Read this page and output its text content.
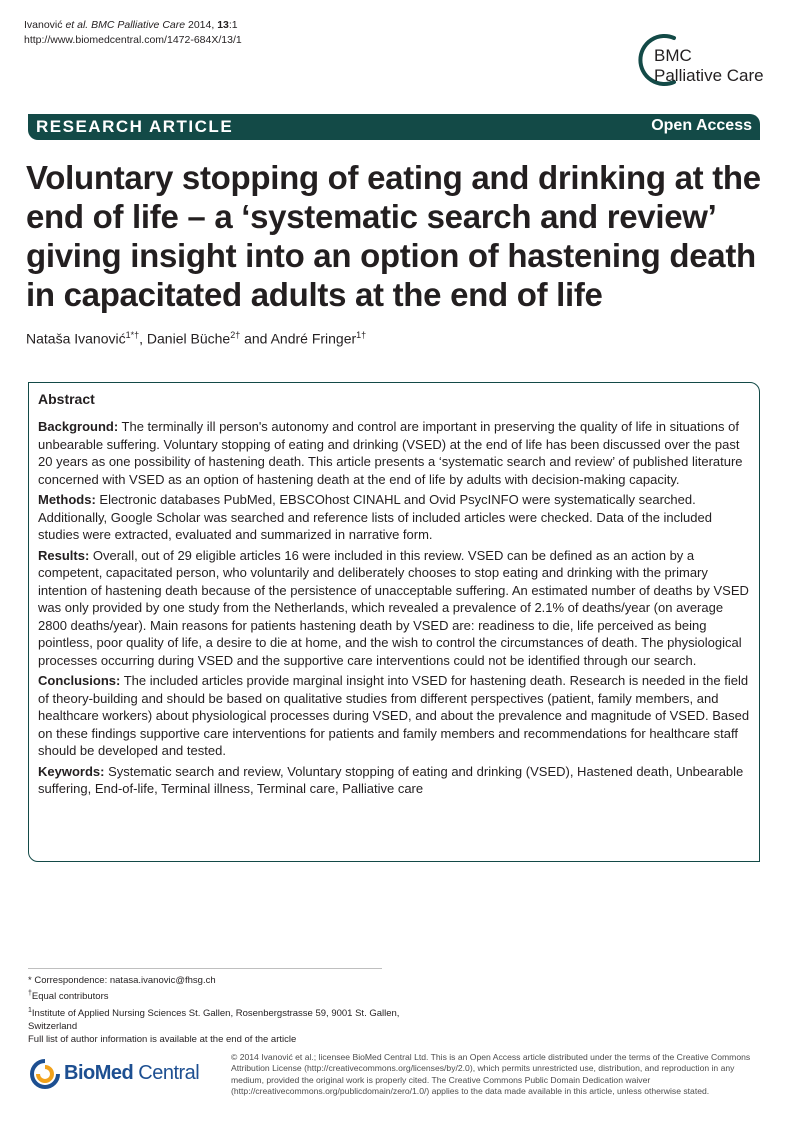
Ivanović et al. BMC Palliative Care 2014, 13:1
http://www.biomedcentral.com/1472-684X/13/1
BMC
Palliative Care
RESEARCH ARTICLE	Open Access
Voluntary stopping of eating and drinking at the end of life – a ‘systematic search and review’ giving insight into an option of hastening death in capacitated adults at the end of life
Nataša Ivanović$^{1*\dagger}$, Daniel Büche$^{2\dagger}$ and André Fringer$^{1\dagger}$
Abstract

Background: The terminally ill person's autonomy and control are important in preserving the quality of life in situations of unbearable suffering. Voluntary stopping of eating and drinking (VSED) at the end of life has been discussed over the past 20 years as one possibility of hastening death. This article presents a ‘systematic search and review’ of published literature concerned with VSED as an option of hastening death at the end of life by adults with decision-making capacity.

Methods: Electronic databases PubMed, EBSCOhost CINAHL and Ovid PsycINFO were systematically searched. Additionally, Google Scholar was searched and reference lists of included articles were checked. Data of the included studies were extracted, evaluated and summarized in narrative form.

Results: Overall, out of 29 eligible articles 16 were included in this review. VSED can be defined as an action by a competent, capacitated person, who voluntarily and deliberately chooses to stop eating and drinking with the primary intention of hastening death because of the persistence of unacceptable suffering. An estimated number of deaths by VSED was only provided by one study from the Netherlands, which revealed a prevalence of 2.1% of deaths/year (on average 2800 deaths/year). Main reasons for patients hastening death by VSED are: readiness to die, life perceived as being pointless, poor quality of life, a desire to die at home, and the wish to control the circumstances of death. The physiological processes occurring during VSED and the supportive care interventions could not be identified through our search.

Conclusions: The included articles provide marginal insight into VSED for hastening death. Research is needed in the field of theory-building and should be based on qualitative studies from different perspectives (patient, family members, and healthcare workers) about physiological processes during VSED, and about the prevalence and magnitude of VSED. Based on these findings supportive care interventions for patients and family members and recommendations for healthcare staff should be developed and tested.

Keywords: Systematic search and review, Voluntary stopping of eating and drinking (VSED), Hastened death, Unbearable suffering, End-of-life, Terminal illness, Terminal care, Palliative care

* Correspondence: natasa.ivanovic@fhsg.ch
†Equal contributors
$^1$Institute of Applied Nursing Sciences St. Gallen, Rosenbergstrasse 59, 9001 St. Gallen, Switzerland
Full list of author information is available at the end of the article
BioMed Central
© 2014 Ivanović et al.; licensee BioMed Central Ltd. This is an Open Access article distributed under the terms of the Creative Commons Attribution License (http://creativecommons.org/licenses/by/2.0), which permits unrestricted use, distribution, and reproduction in any medium, provided the original work is properly cited. The Creative Commons Public Domain Dedication waiver (http://creativecommons.org/publicdomain/zero/1.0/) applies to the data made available in this article, unless otherwise stated.
